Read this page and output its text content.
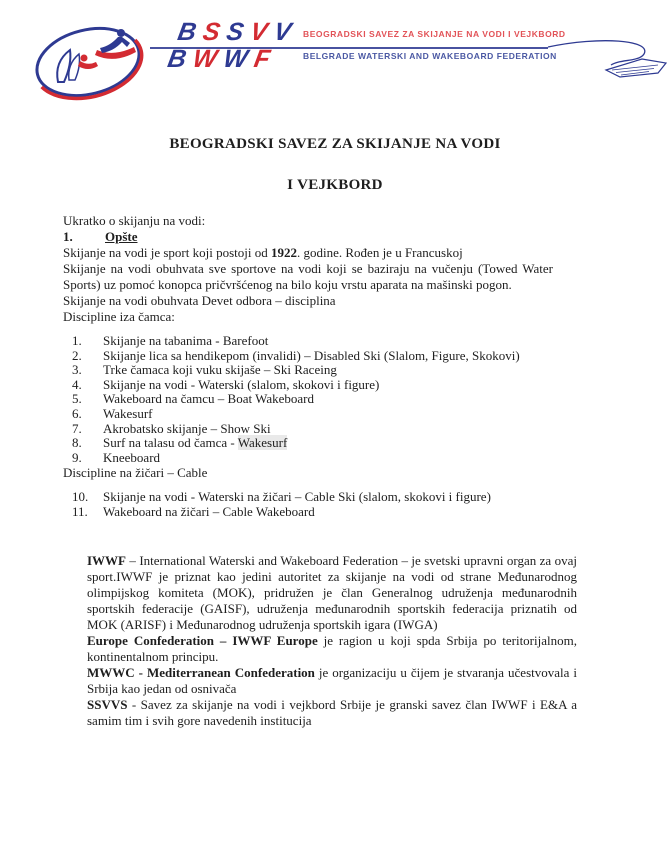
BSSVV
BWWF
BEOGRADSKI SAVEZ ZA SKIJANJE NA VODI I VEJKBORD
BELGRADE WATERSKI AND WAKEBOARD FEDERATION
BEOGRADSKI SAVEZ ZA SKIJANJE NA VODI
I VEJKBORD

Ukratko o skijanju na vodi:

1. Opšte

Skijanje na vodi je sport koji postoji od 1922. godine. Rođen je u Francuskoj

Skijanje na vodi obuhvata sve sportove na vodi koji se baziraju na vučenju (Towed Water Sports) uz pomoć konopca pričvršćenog na bilo koju vrstu aparata na mašinski pogon.

Skijanje na vodi obuhvata Devet odbora – disciplina

Discipline iza čamca:

1. Skijanje na tabanima - Barefoot
2. Skijanje lica sa hendikepom (invalidi) – Disabled Ski (Slalom, Figure, Skokovi)
3. Trke čamaca koji vuku skijaše – Ski Raceing
4. Skijanje na vodi - Waterski (slalom, skokovi i figure)
5. Wakeboard na čamcu – Boat Wakeboard
6. Wakesurf
7. Akrobatsko skijanje – Show Ski
8. Surf na talasu od čamca - Wakesurf
9. Kneeboard

Discipline na žičari – Cable

10. Skijanje na vodi - Waterski na žičari – Cable Ski (slalom, skokovi i figure)
11. Wakeboard na žičari – Cable Wakeboard

IWWF – International Waterski and Wakeboard Federation – je svetski upravni organ za ovaj sport.IWWF je priznat kao jedini autoritet za skijanje na vodi od strane Međunarodnog olimpijskog komiteta (MOK), pridružen je član Generalnog udruženja međunarodnih sportskih federacije (GAISF), udruženja međunarodnih sportskih federacija priznatih od MOK (ARISF) i Međunarodnog udruženja sportskih igara (IWGA)

Europe Confederation – IWWF Europe je ragion u koji spda Srbija po teritorijalnom, kontinentalnom principu.

MWWC - Mediterranean Confederation je organizaciju u čijem je stvaranja učestvovala i Srbija kao jedan od osnivača

SSVVS - Savez za skijanje na vodi i vejkbord Srbije je granski savez član IWWF i E&A a samim tim i svih gore navedenih institucija
